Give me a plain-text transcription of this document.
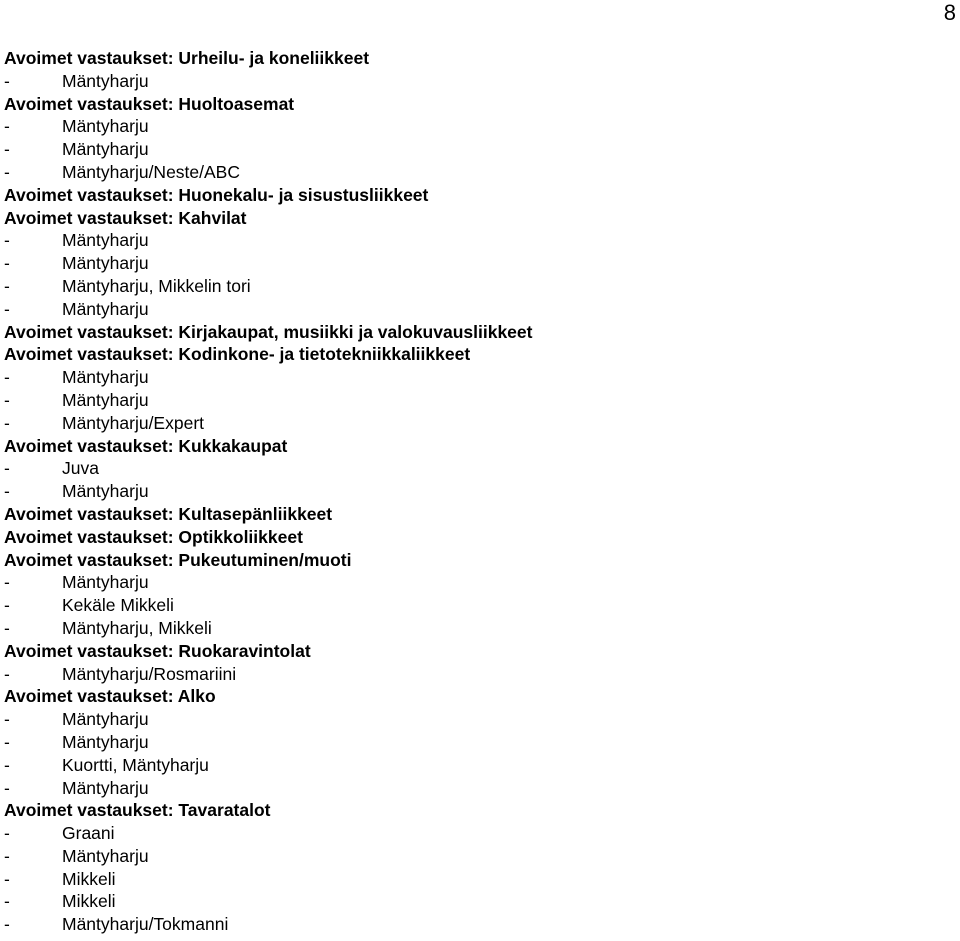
8
Avoimet vastaukset: Urheilu- ja koneliikkeet
-	Mäntyharju
Avoimet vastaukset: Huoltoasemat
-	Mäntyharju
-	Mäntyharju
-	Mäntyharju/Neste/ABC
Avoimet vastaukset: Huonekalu- ja sisustusliikkeet
Avoimet vastaukset: Kahvilat
-	Mäntyharju
-	Mäntyharju
-	Mäntyharju, Mikkelin tori
-	Mäntyharju
Avoimet vastaukset: Kirjakaupat, musiikki ja valokuvausliikkeet
Avoimet vastaukset: Kodinkone- ja tietotekniikkaliikkeet
-	Mäntyharju
-	Mäntyharju
-	Mäntyharju/Expert
Avoimet vastaukset: Kukkakaupat
-	Juva
-	Mäntyharju
Avoimet vastaukset: Kultasepänliikkeet
Avoimet vastaukset: Optikkoliikkeet
Avoimet vastaukset: Pukeutuminen/muoti
-	Mäntyharju
-	Kekäle Mikkeli
-	Mäntyharju, Mikkeli
Avoimet vastaukset: Ruokaravintolat
-	Mäntyharju/Rosmariini
Avoimet vastaukset: Alko
-	Mäntyharju
-	Mäntyharju
-	Kuortti, Mäntyharju
-	Mäntyharju
Avoimet vastaukset: Tavaratalot
-	Graani
-	Mäntyharju
-	Mikkeli
-	Mikkeli
-	Mäntyharju/Tokmanni
